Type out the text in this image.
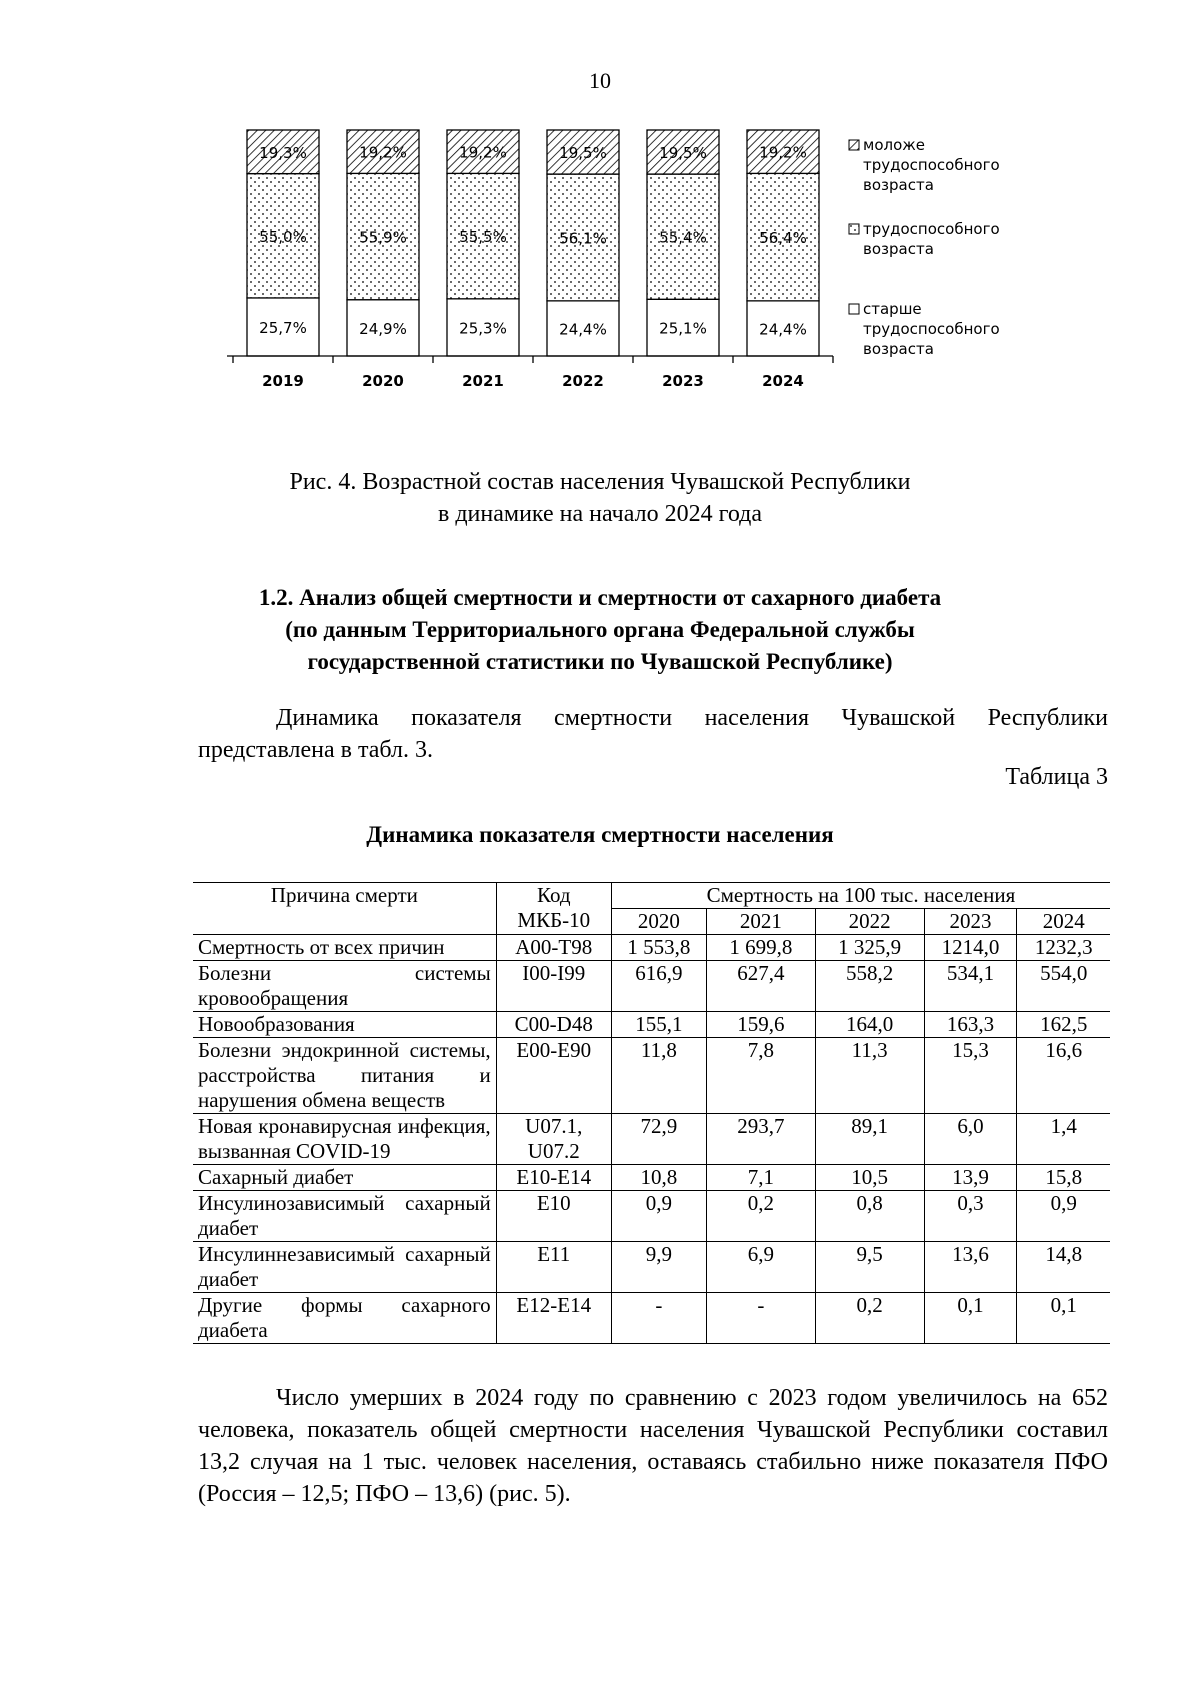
10
25,7%
55,0%
19,3%
24,9%
55,9%
19,2%
25,3%
55,5%
19,2%
24,4%
56,1%
19,5%
25,1%
55,4%
19,5%
24,4%
56,4%
19,2%
2019	2020	2021	2022	2023	2024
моложе
трудоспособного
возраста
трудоспособного
возраста
старше
трудоспособного
возраста
Рис. 4. Возрастной состав населения Чувашской Республики
в динамике на начало 2024 года
1.2. Анализ общей смертности и смертности от сахарного диабета
(по данным Территориального органа Федеральной службы
государственной статистики по Чувашской Республике)
Динамика показателя смертности населения Чувашской Республики представлена в табл. 3.
Таблица 3
Динамика показателя смертности населения
Причина смерти	Код МКБ-10	Смертность на 100 тыс. населения				
		2020	2021	2022	2023	2024
Смертность от всех причин	A00-T98	1 553,8	1 699,8	1 325,9	1214,0	1232,3
Болезни системы кровообращения	I00-I99	616,9	627,4	558,2	534,1	554,0
Новообразования	C00-D48	155,1	159,6	164,0	163,3	162,5
Болезни эндокринной системы, расстройства питания и нарушения обмена веществ	E00-E90	11,8	7,8	11,3	15,3	16,6
Новая кронавирусная инфекция, вызванная COVID-19	U07.1, U07.2	72,9	293,7	89,1	6,0	1,4
Сахарный диабет	E10-E14	10,8	7,1	10,5	13,9	15,8
Инсулинозависимый сахарный диабет	E10	0,9	0,2	0,8	0,3	0,9
Инсулиннезависимый сахарный диабет	E11	9,9	6,9	9,5	13,6	14,8
Другие формы сахарного диабета	E12-E14	-	-	0,2	0,1	0,1
Число умерших в 2024 году по сравнению с 2023 годом увеличилось на 652 человека, показатель общей смертности населения Чувашской Республики составил 13,2 случая на 1 тыс. человек населения, оставаясь стабильно ниже показателя ПФО (Россия – 12,5; ПФО – 13,6) (рис. 5).
